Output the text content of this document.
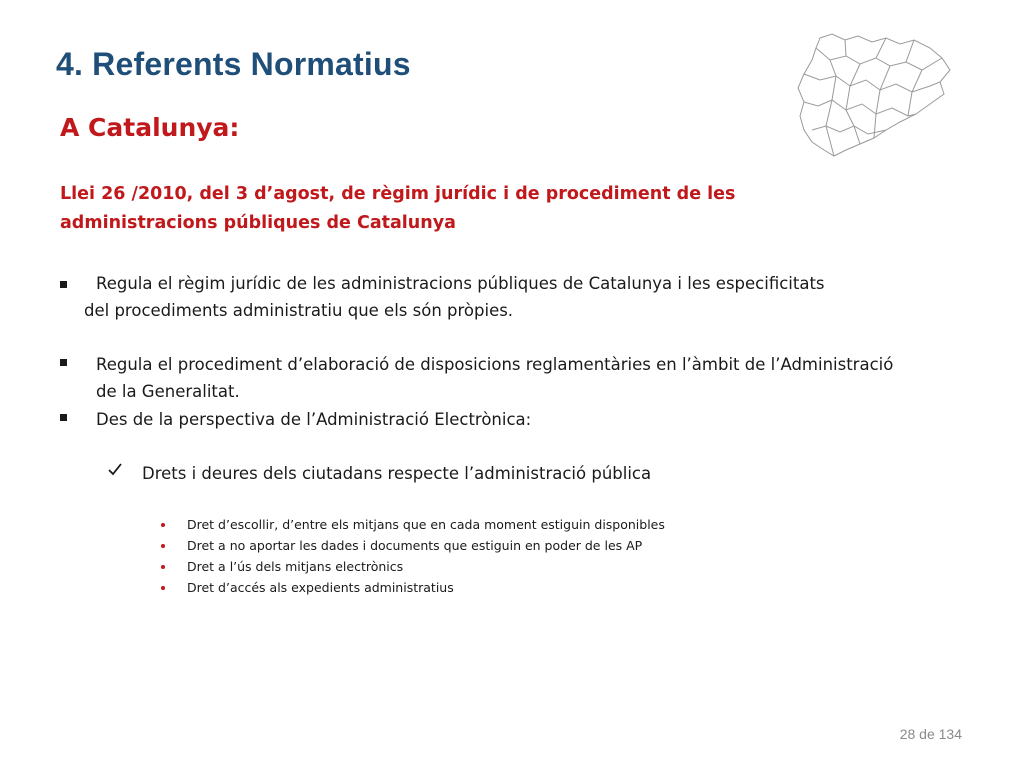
4. Referents Normatius
A Catalunya:
Llei 26 /2010, del 3 d’agost, de règim jurídic i de procediment de les
administracions públiques de Catalunya
Regula el règim jurídic de les administracions públiques de Catalunya i les especificitats
del procediments administratiu que els són pròpies.
Regula el procediment d’elaboració de disposicions reglamentàries en l’àmbit de l’Administració
de la Generalitat.
Des de la perspectiva de l’Administració Electrònica:
Drets i deures dels ciutadans respecte l’administració pública
Dret d’escollir, d’entre els mitjans que en cada moment estiguin disponibles
Dret a no aportar les dades i documents que estiguin en poder de les AP
Dret a l’ús dels mitjans electrònics
Dret d’accés als expedients administratius
28 de 134
